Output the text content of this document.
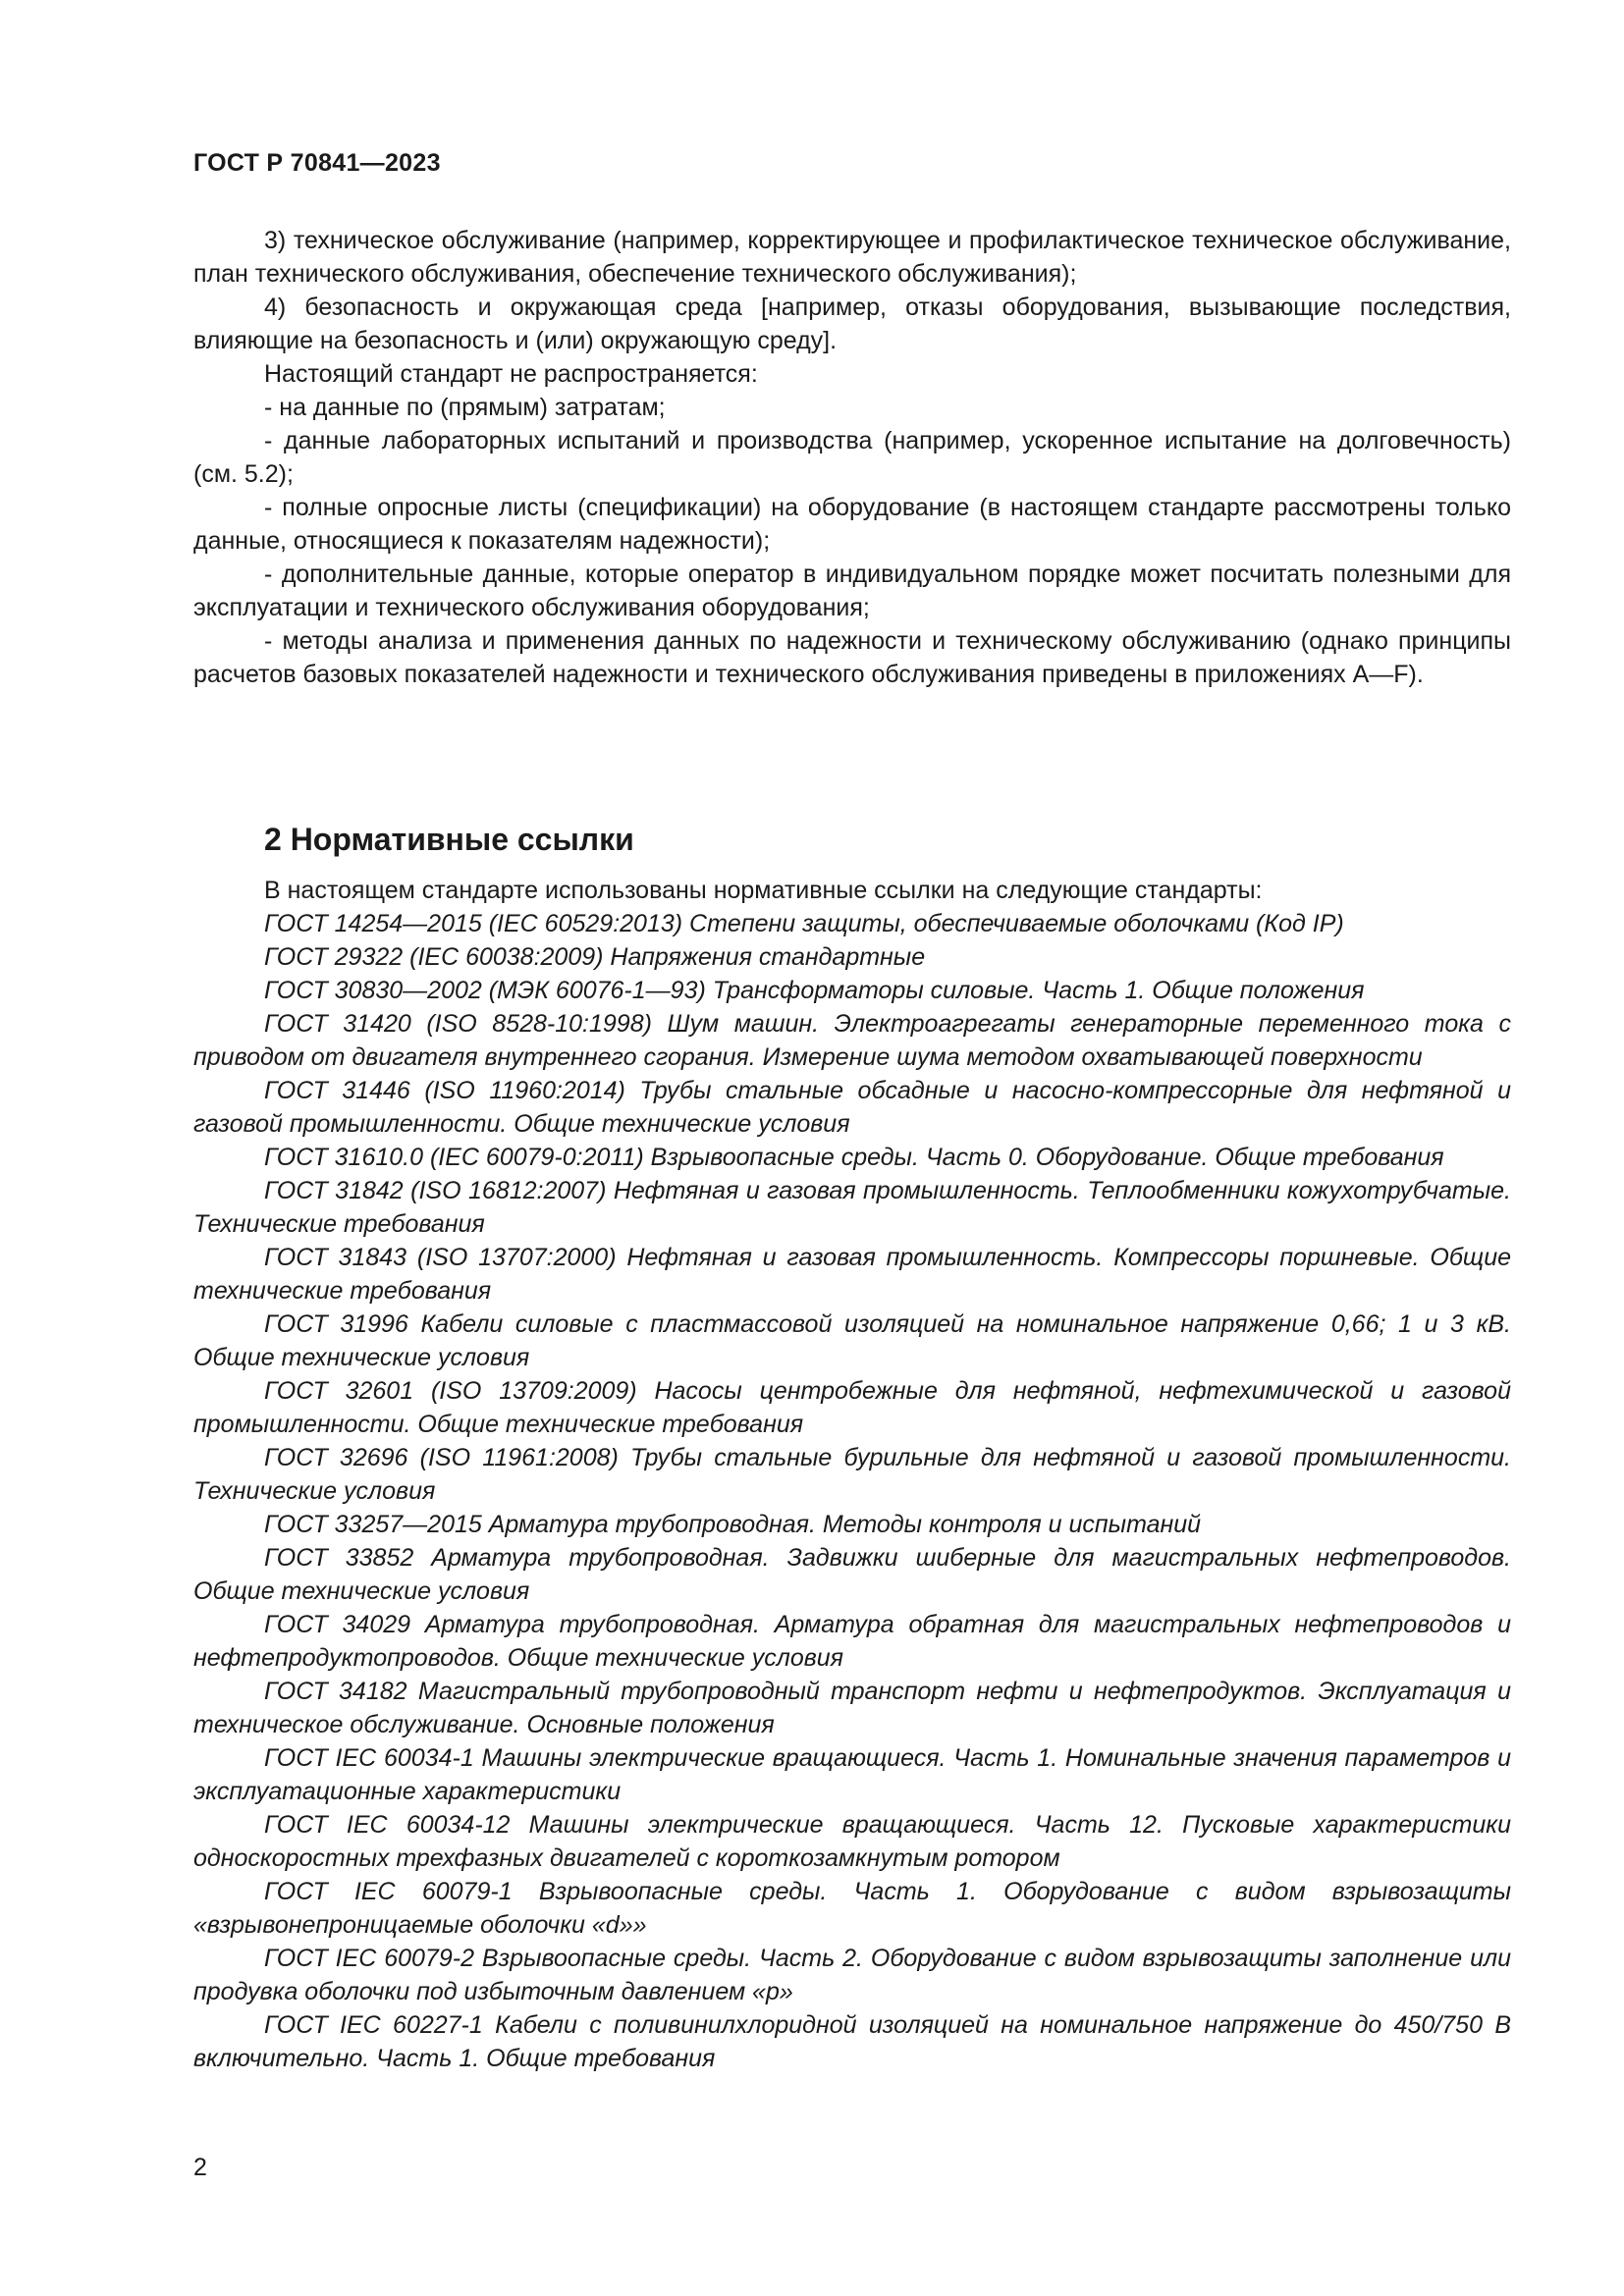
ГОСТ Р 70841—2023

3) техническое обслуживание (например, корректирующее и профилактическое техническое обслуживание, план технического обслуживания, обеспечение технического обслуживания);

4) безопасность и окружающая среда [например, отказы оборудования, вызывающие последствия, влияющие на безопасность и (или) окружающую среду].

Настоящий стандарт не распространяется:

- на данные по (прямым) затратам;

- данные лабораторных испытаний и производства (например, ускоренное испытание на долговечность) (см. 5.2);

- полные опросные листы (спецификации) на оборудование (в настоящем стандарте рассмотрены только данные, относящиеся к показателям надежности);

- дополнительные данные, которые оператор в индивидуальном порядке может посчитать полезными для эксплуатации и технического обслуживания оборудования;

- методы анализа и применения данных по надежности и техническому обслуживанию (однако принципы расчетов базовых показателей надежности и технического обслуживания приведены в приложениях А—F).

2 Нормативные ссылки

В настоящем стандарте использованы нормативные ссылки на следующие стандарты:

ГОСТ 14254—2015 (IEC 60529:2013) Степени защиты, обеспечиваемые оболочками (Код IP)

ГОСТ 29322 (IEC 60038:2009) Напряжения стандартные

ГОСТ 30830—2002 (МЭК 60076-1—93) Трансформаторы силовые. Часть 1. Общие положения

ГОСТ 31420 (ISO 8528-10:1998) Шум машин. Электроагрегаты генераторные переменного тока с приводом от двигателя внутреннего сгорания. Измерение шума методом охватывающей поверхности

ГОСТ 31446 (ISO 11960:2014) Трубы стальные обсадные и насосно-компрессорные для нефтяной и газовой промышленности. Общие технические условия

ГОСТ 31610.0 (IEC 60079-0:2011) Взрывоопасные среды. Часть 0. Оборудование. Общие требования

ГОСТ 31842 (ISO 16812:2007) Нефтяная и газовая промышленность. Теплообменники кожухотрубчатые. Технические требования

ГОСТ 31843 (ISO 13707:2000) Нефтяная и газовая промышленность. Компрессоры поршневые. Общие технические требования

ГОСТ 31996 Кабели силовые с пластмассовой изоляцией на номинальное напряжение 0,66; 1 и 3 кВ. Общие технические условия

ГОСТ 32601 (ISO 13709:2009) Насосы центробежные для нефтяной, нефтехимической и газовой промышленности. Общие технические требования

ГОСТ 32696 (ISO 11961:2008) Трубы стальные бурильные для нефтяной и газовой промышленности. Технические условия

ГОСТ 33257—2015 Арматура трубопроводная. Методы контроля и испытаний

ГОСТ 33852 Арматура трубопроводная. Задвижки шиберные для магистральных нефтепроводов. Общие технические условия

ГОСТ 34029 Арматура трубопроводная. Арматура обратная для магистральных нефтепроводов и нефтепродуктопроводов. Общие технические условия

ГОСТ 34182 Магистральный трубопроводный транспорт нефти и нефтепродуктов. Эксплуатация и техническое обслуживание. Основные положения

ГОСТ IEC 60034-1 Машины электрические вращающиеся. Часть 1. Номинальные значения параметров и эксплуатационные характеристики

ГОСТ IEC 60034-12 Машины электрические вращающиеся. Часть 12. Пусковые характеристики односкоростных трехфазных двигателей с короткозамкнутым ротором

ГОСТ IEC 60079-1 Взрывоопасные среды. Часть 1. Оборудование с видом взрывозащиты «взрывонепроницаемые оболочки «d»»

ГОСТ IEC 60079-2 Взрывоопасные среды. Часть 2. Оборудование с видом взрывозащиты заполнение или продувка оболочки под избыточным давлением «р»

ГОСТ IEC 60227-1 Кабели с поливинилхлоридной изоляцией на номинальное напряжение до 450/750 В включительно. Часть 1. Общие требования

2
